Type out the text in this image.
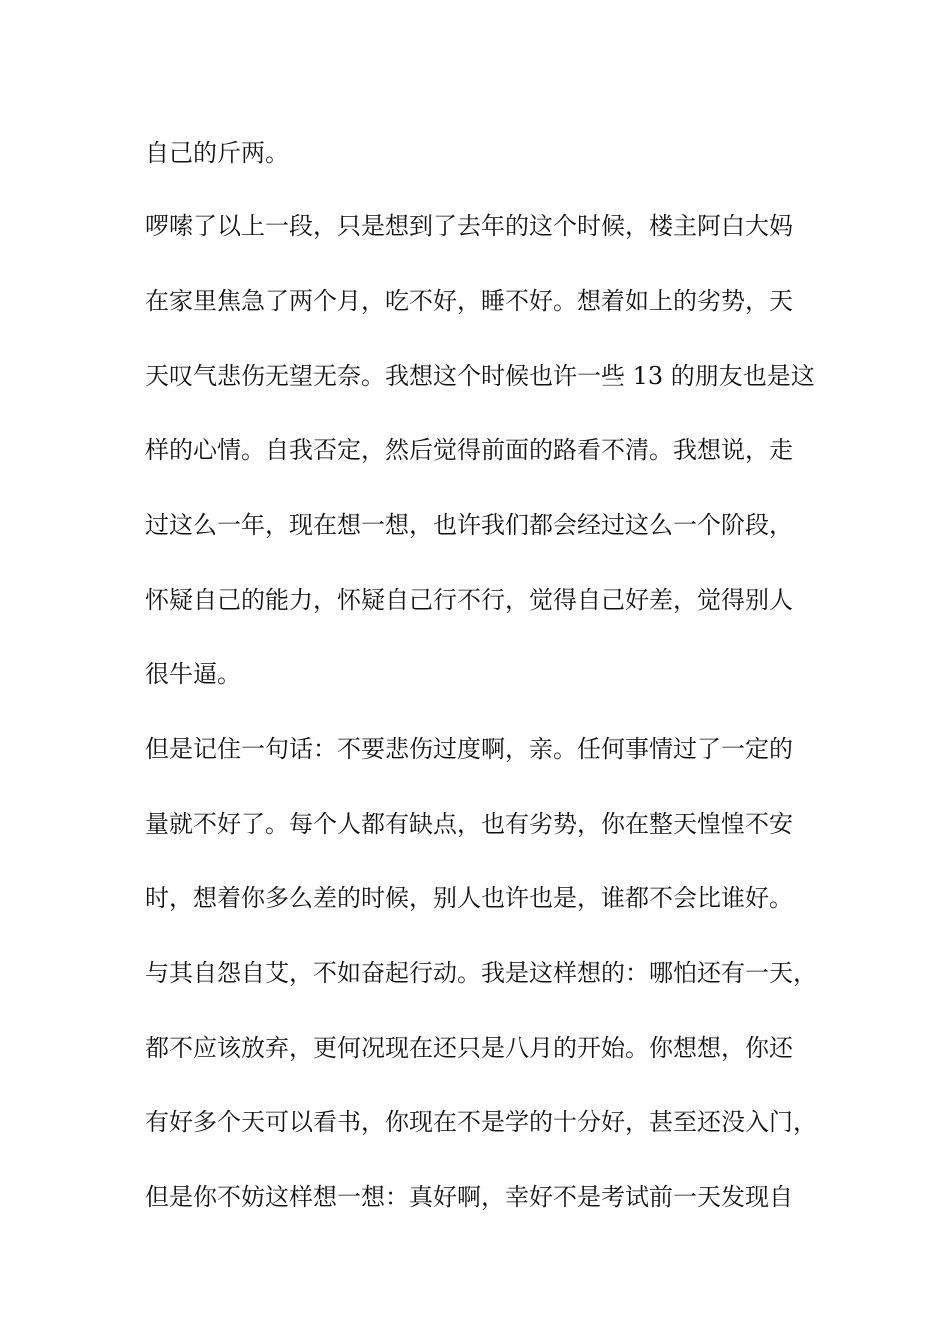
自己的斤两。
啰嗦了以上一段，只是想到了去年的这个时候，楼主阿白大妈
在家里焦急了两个月，吃不好，睡不好。想着如上的劣势，天
天叹气悲伤无望无奈。我想这个时候也许一些 13 的朋友也是这
样的心情。自我否定，然后觉得前面的路看不清。我想说，走
过这么一年，现在想一想，也许我们都会经过这么一个阶段，
怀疑自己的能力，怀疑自己行不行，觉得自己好差，觉得别人
很牛逼。
但是记住一句话：不要悲伤过度啊，亲。任何事情过了一定的
量就不好了。每个人都有缺点，也有劣势，你在整天惶惶不安
时，想着你多么差的时候，别人也许也是，谁都不会比谁好。
与其自怨自艾，不如奋起行动。我是这样想的：哪怕还有一天，
都不应该放弃，更何况现在还只是八月的开始。你想想，你还
有好多个天可以看书，你现在不是学的十分好，甚至还没入门，
但是你不妨这样想一想：真好啊，幸好不是考试前一天发现自
